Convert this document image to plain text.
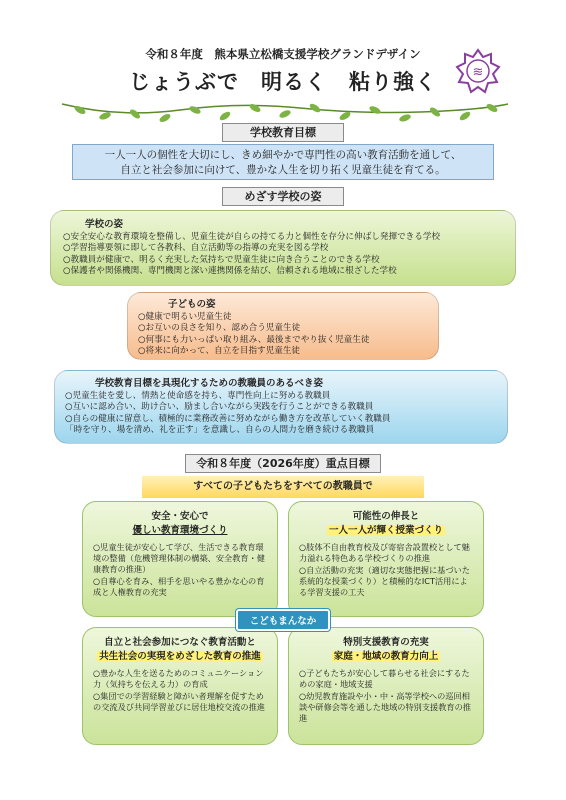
令和８年度　熊本県立松橋支援学校グランドデザイン
じょうぶで　明るく　粘り強く	≋
学校教育目標
一人一人の個性を大切にし、きめ細やかで専門性の高い教育活動を通して、
自立と社会参加に向けて、豊かな人生を切り拓く児童生徒を育てる。
めざす学校の姿
学校の姿
○安全安心な教育環境を整備し、児童生徒が自らの持てる力と個性を存分に伸ばし発揮できる学校
○学習指導要領に即して各教科、自立活動等の指導の充実を図る学校
○教職員が健康で、明るく充実した気持ちで児童生徒に向き合うことのできる学校
○保護者や関係機関、専門機関と深い連携関係を結び、信頼される地域に根ざした学校
子どもの姿
○健康で明るい児童生徒
○お互いの良さを知り、認め合う児童生徒
○何事にも力いっぱい取り組み、最後までやり抜く児童生徒
○将来に向かって、自立を目指す児童生徒
学校教育目標を具現化するための教職員のあるべき姿
○児童生徒を愛し、情熱と使命感を持ち、専門性向上に努める教職員
○互いに認め合い、助け合い、励まし合いながら実践を行うことができる教職員
○自らの健康に留意し、積極的に業務改善に努めながら働き方を改革していく教職員
「時を守り、場を清め、礼を正す」を意識し、自らの人間力を磨き続ける教職員
令和８年度（2026年度）重点目標
すべての子どもたちをすべての教職員で
安全・安心で
優しい教育環境づくり
○児童生徒が安心して学び、生活できる教育環境の整備（危機管理体制の構築、安全教育・健康教育の推進）
○自尊心を育み、相手を思いやる豊かな心の育成と人権教育の充実
可能性の伸長と
一人一人が輝く授業づくり
○肢体不自由教育校及び寄宿舎設置校として魅力溢れる特色ある学校づくりの推進
○自立活動の充実（適切な実態把握に基づいた系統的な授業づくり）と積極的なICT活用による学習支援の工夫
自立と社会参加につなぐ教育活動と
共生社会の実現をめざした教育の推進
○豊かな人生を送るためのコミュニケーション力（気持ちを伝える力）の育成
○集団での学習経験と障がい者理解を促すための交流及び共同学習並びに居住地校交流の推進
特別支援教育の充実
家庭・地域の教育力向上
○子どもたちが安心して暮らせる社会にするための家庭・地域支援
○幼児教育施設や小・中・高等学校への巡回相談や研修会等を通した地域の特別支援教育の推進
こどもまんなか
